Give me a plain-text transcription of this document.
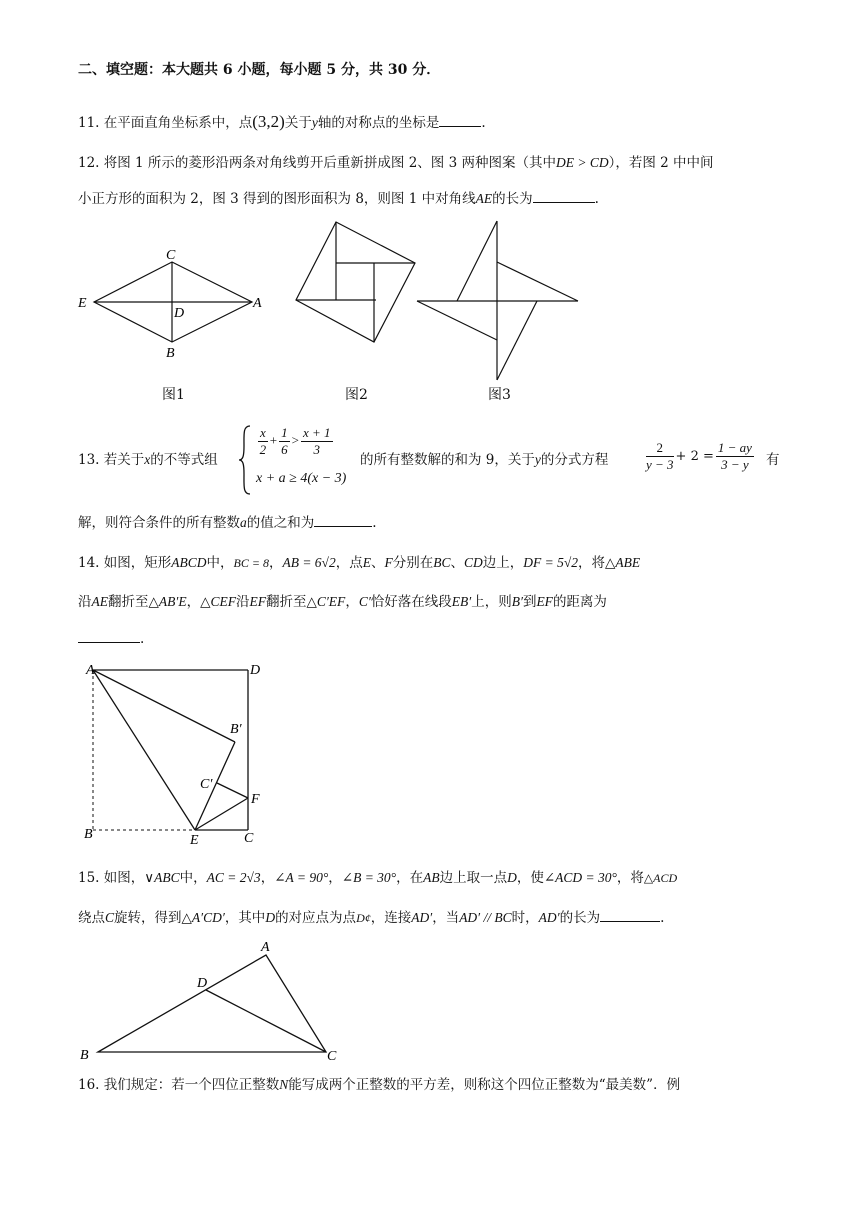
二、填空题：本大题共 6 小题，每小题 5 分，共 30 分．
11. 在平面直角坐标系中，点(3,2)关于y轴的对称点的坐标是	.
12. 将图 1 所示的菱形沿两条对角线剪开后重新拼成图 2、图 3 两种图案（其中DE > CD），若图 2 中中间
小正方形的面积为 2，图 3 得到的图形面积为 8，则图 1 中对角线AE的长为	.
C
E	A
D
B
图1	图2	图3
13. 若关于x的不等式组
$\frac{x}{2} + \frac{1}{6} > \frac{x + 1}{3}$
x + a ≥ 4(x − 3)
的所有整数解的和为 9，关于y的分式方程	$\frac{2}{y - 3} + 2 = \frac{1 - ay}{3 - y}$ 有
解，则符合条件的所有整数a的值之和为	.
14. 如图，矩形ABCD中，BC = 8，AB = 6√2，点E、F分别在BC、CD边上，DF = 5√2，将△ABE
沿AE翻折至△AB′E，△CEF沿EF翻折至△C′EF，C′恰好落在线段EB′上，则B′到EF的距离为
.
A	D
B′
C′
F
B	E	C
15. 如图，∨ABC中，AC = 2√3，∠A = 90°，∠B = 30°，在AB边上取一点D，使∠ACD = 30°，将△ACD
绕点C旋转，得到△A′CD′，其中D的对应点为点D¢，连接AD′，当AD′ // BC时，AD′的长为	.
A
D
B	C
16. 我们规定：若一个四位正整数N能写成两个正整数的平方差，则称这个四位正整数为“最美数”．例
